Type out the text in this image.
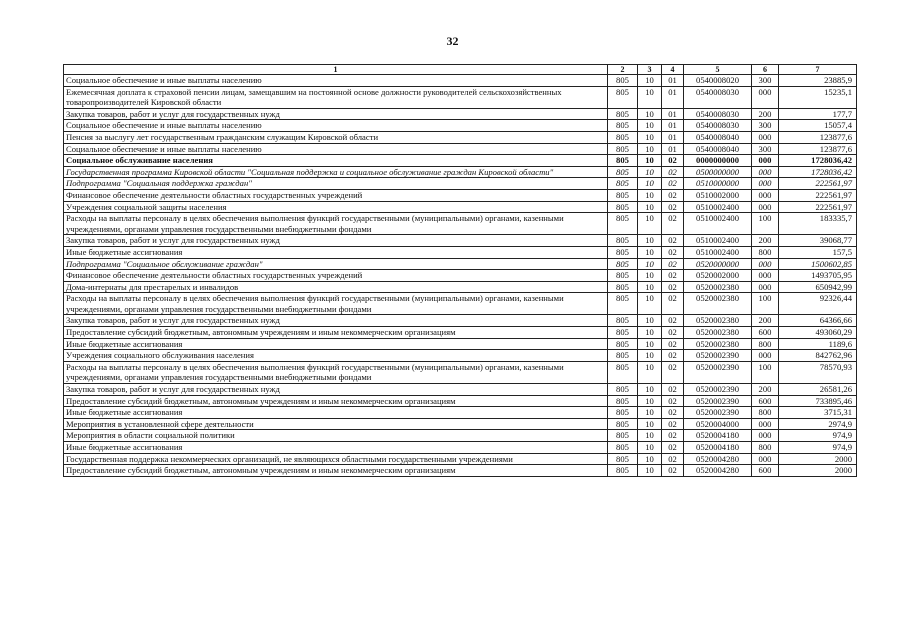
32
1	2	3	4	5	6	7
Социальное обеспечение и иные выплаты населению	805	10	01	0540008020	300	23885,9
Ежемесячная доплата к страховой пенсии лицам, замещавшим на постоянной основе должности руководителей сельскохозяйственных товаропроизводителей Кировской области	805	10	01	0540008030	000	15235,1
Закупка товаров, работ и услуг для государственных нужд	805	10	01	0540008030	200	177,7
Социальное обеспечение и иные выплаты населению	805	10	01	0540008030	300	15057,4
Пенсия за выслугу лет государственным гражданским служащим Кировской области	805	10	01	0540008040	000	123877,6
Социальное обеспечение и иные выплаты населению	805	10	01	0540008040	300	123877,6
Социальное обслуживание населения	805	10	02	0000000000	000	1728036,42
Государственная программа Кировской области "Социальная поддержка и социальное обслуживание граждан Кировской области"	805	10	02	0500000000	000	1728036,42
Подпрограмма "Социальная поддержка граждан"	805	10	02	0510000000	000	222561,97
Финансовое обеспечение деятельности областных государственных учреждений	805	10	02	0510002000	000	222561,97
Учреждения социальной защиты населения	805	10	02	0510002400	000	222561,97
Расходы на выплаты персоналу в целях обеспечения выполнения функций государственными (муниципальными) органами, казенными учреждениями, органами управления государственными внебюджетными фондами	805	10	02	0510002400	100	183335,7
Закупка товаров, работ и услуг для государственных нужд	805	10	02	0510002400	200	39068,77
Иные бюджетные ассигнования	805	10	02	0510002400	800	157,5
Подпрограмма "Социальное обслуживание граждан"	805	10	02	0520000000	000	1500602,85
Финансовое обеспечение деятельности областных государственных учреждений	805	10	02	0520002000	000	1493705,95
Дома-интернаты для престарелых и инвалидов	805	10	02	0520002380	000	650942,99
Расходы на выплаты персоналу в целях обеспечения выполнения функций государственными (муниципальными) органами, казенными учреждениями, органами управления государственными внебюджетными фондами	805	10	02	0520002380	100	92326,44
Закупка товаров, работ и услуг для государственных нужд	805	10	02	0520002380	200	64366,66
Предоставление субсидий бюджетным, автономным учреждениям и иным некоммерческим организациям	805	10	02	0520002380	600	493060,29
Иные бюджетные ассигнования	805	10	02	0520002380	800	1189,6
Учреждения социального обслуживания населения	805	10	02	0520002390	000	842762,96
Расходы на выплаты персоналу в целях обеспечения выполнения функций государственными (муниципальными) органами, казенными учреждениями, органами управления государственными внебюджетными фондами	805	10	02	0520002390	100	78570,93
Закупка товаров, работ и услуг для государственных нужд	805	10	02	0520002390	200	26581,26
Предоставление субсидий бюджетным, автономным учреждениям и иным некоммерческим организациям	805	10	02	0520002390	600	733895,46
Иные бюджетные ассигнования	805	10	02	0520002390	800	3715,31
Мероприятия в установленной сфере деятельности	805	10	02	0520004000	000	2974,9
Мероприятия в области социальной политики	805	10	02	0520004180	000	974,9
Иные бюджетные ассигнования	805	10	02	0520004180	800	974,9
Государственная поддержка некоммерческих организаций, не являющихся областными государственными учреждениями	805	10	02	0520004280	000	2000
Предоставление субсидий бюджетным, автономным учреждениям и иным некоммерческим организациям	805	10	02	0520004280	600	2000
